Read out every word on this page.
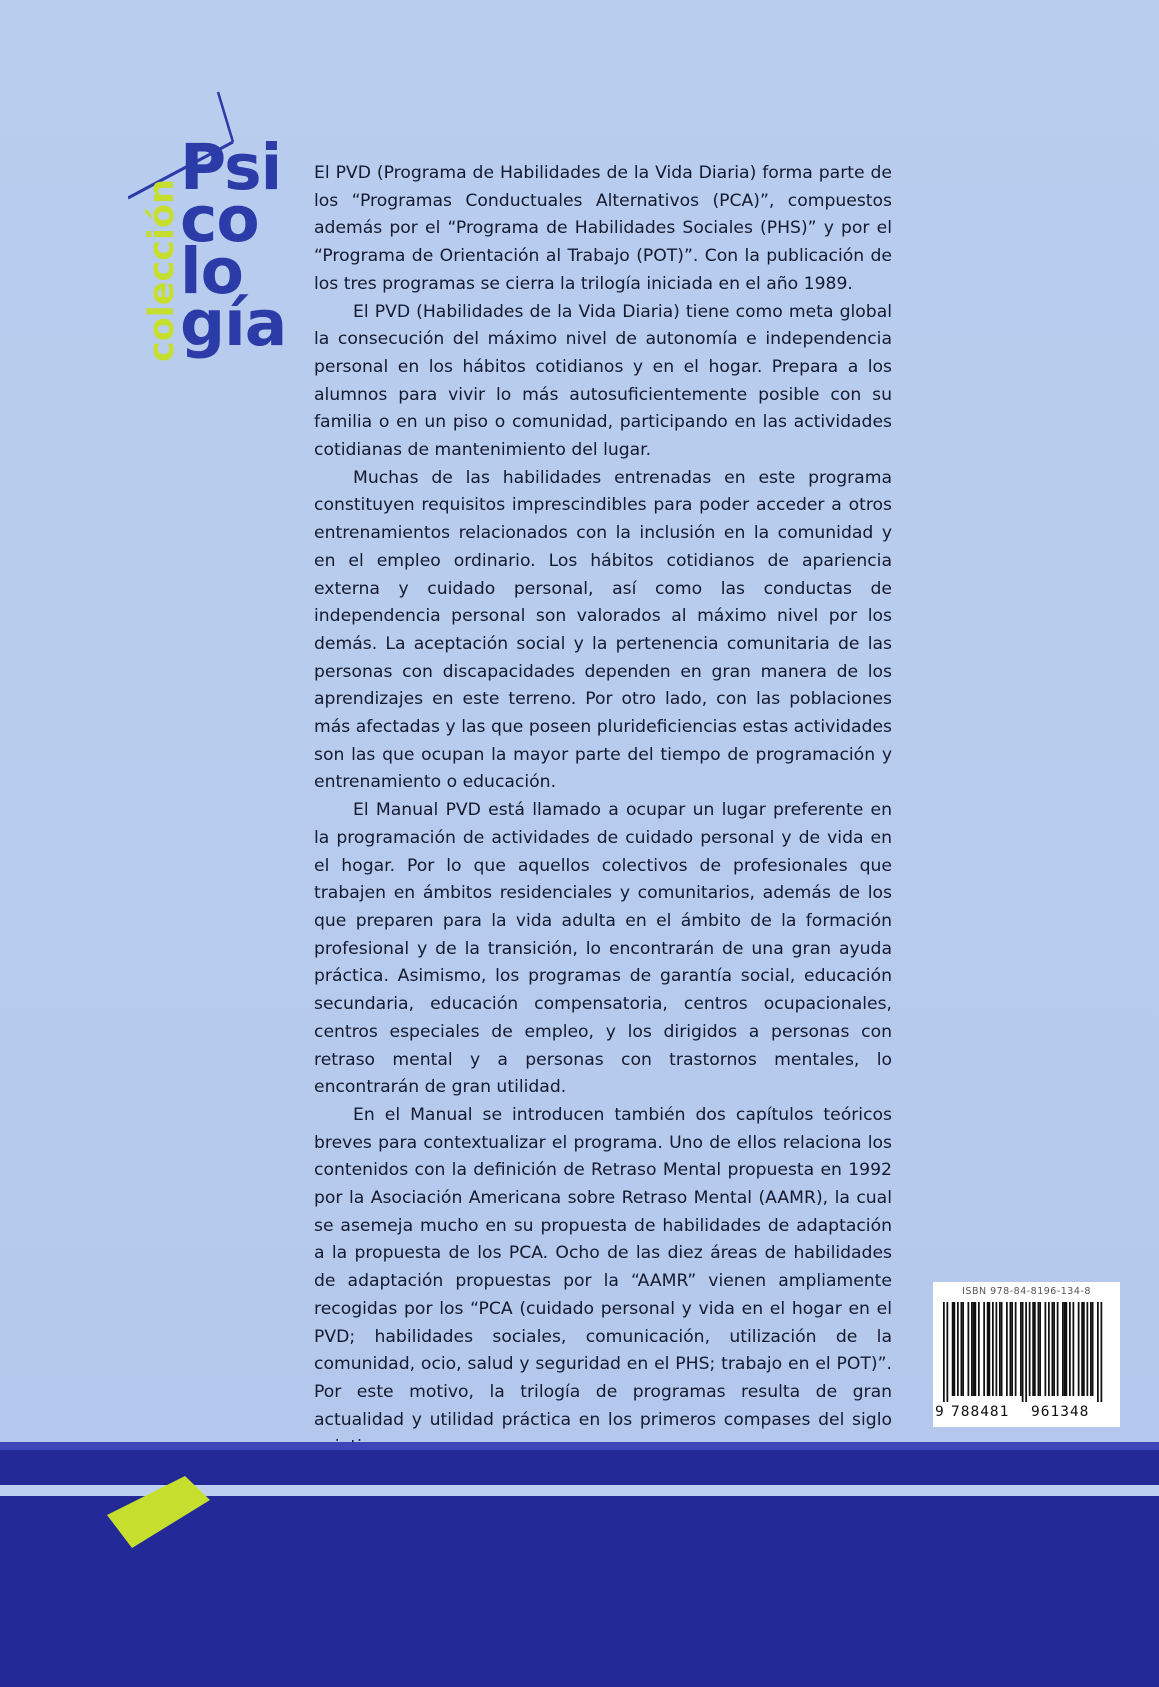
colección
Psi
co
lo
gía

El PVD (Programa de Habilidades de la Vida Diaria) forma parte de los “Programas Conductuales Alternativos (PCA)”, compuestos además por el “Programa de Habilidades Sociales (PHS)” y por el “Programa de Orientación al Trabajo (POT)”. Con la publicación de los tres programas se cierra la trilogía iniciada en el año 1989.

El PVD (Habilidades de la Vida Diaria) tiene como meta global la consecución del máximo nivel de autonomía e independencia personal en los hábitos cotidianos y en el hogar. Prepara a los alumnos para vivir lo más autosuficientemente posible con su familia o en un piso o comunidad, participando en las actividades cotidianas de mantenimiento del lugar.

Muchas de las habilidades entrenadas en este programa constituyen requisitos imprescindibles para poder acceder a otros entrenamientos relacionados con la inclusión en la comunidad y en el empleo ordinario. Los hábitos cotidianos de apariencia externa y cuidado personal, así como las conductas de independencia personal son valorados al máximo nivel por los demás. La aceptación social y la pertenencia comunitaria de las personas con discapacidades dependen en gran manera de los aprendizajes en este terreno. Por otro lado, con las poblaciones más afectadas y las que poseen plurideficiencias estas actividades son las que ocupan la mayor parte del tiempo de programación y entrenamiento o educación.

El Manual PVD está llamado a ocupar un lugar preferente en la programación de actividades de cuidado personal y de vida en el hogar. Por lo que aquellos colectivos de profesionales que trabajen en ámbitos residenciales y comunitarios, además de los que preparen para la vida adulta en el ámbito de la formación profesional y de la transición, lo encontrarán de una gran ayuda práctica. Asimismo, los programas de garantía social, educación secundaria, educación compensatoria, centros ocupacionales, centros especiales de empleo, y los dirigidos a personas con retraso mental y a personas con trastornos mentales, lo encontrarán de gran utilidad.

En el Manual se introducen también dos capítulos teóricos breves para contextualizar el programa. Uno de ellos relaciona los contenidos con la definición de Retraso Mental propuesta en 1992 por la Asociación Americana sobre Retraso Mental (AAMR), la cual se asemeja mucho en su propuesta de habilidades de adaptación a la propuesta de los PCA. Ocho de las diez áreas de habilidades de adaptación propuestas por la “AAMR” vienen ampliamente recogidas por los “PCA (cuidado personal y vida en el hogar en el PVD; habilidades sociales, comunicación, utilización de la comunidad, ocio, salud y seguridad en el PHS; trabajo en el POT)”. Por este motivo, la trilogía de programas resulta de gran actualidad y utilidad práctica en los primeros compases del siglo

ISBN 978-84-8196-134-8
9 788481 961348
